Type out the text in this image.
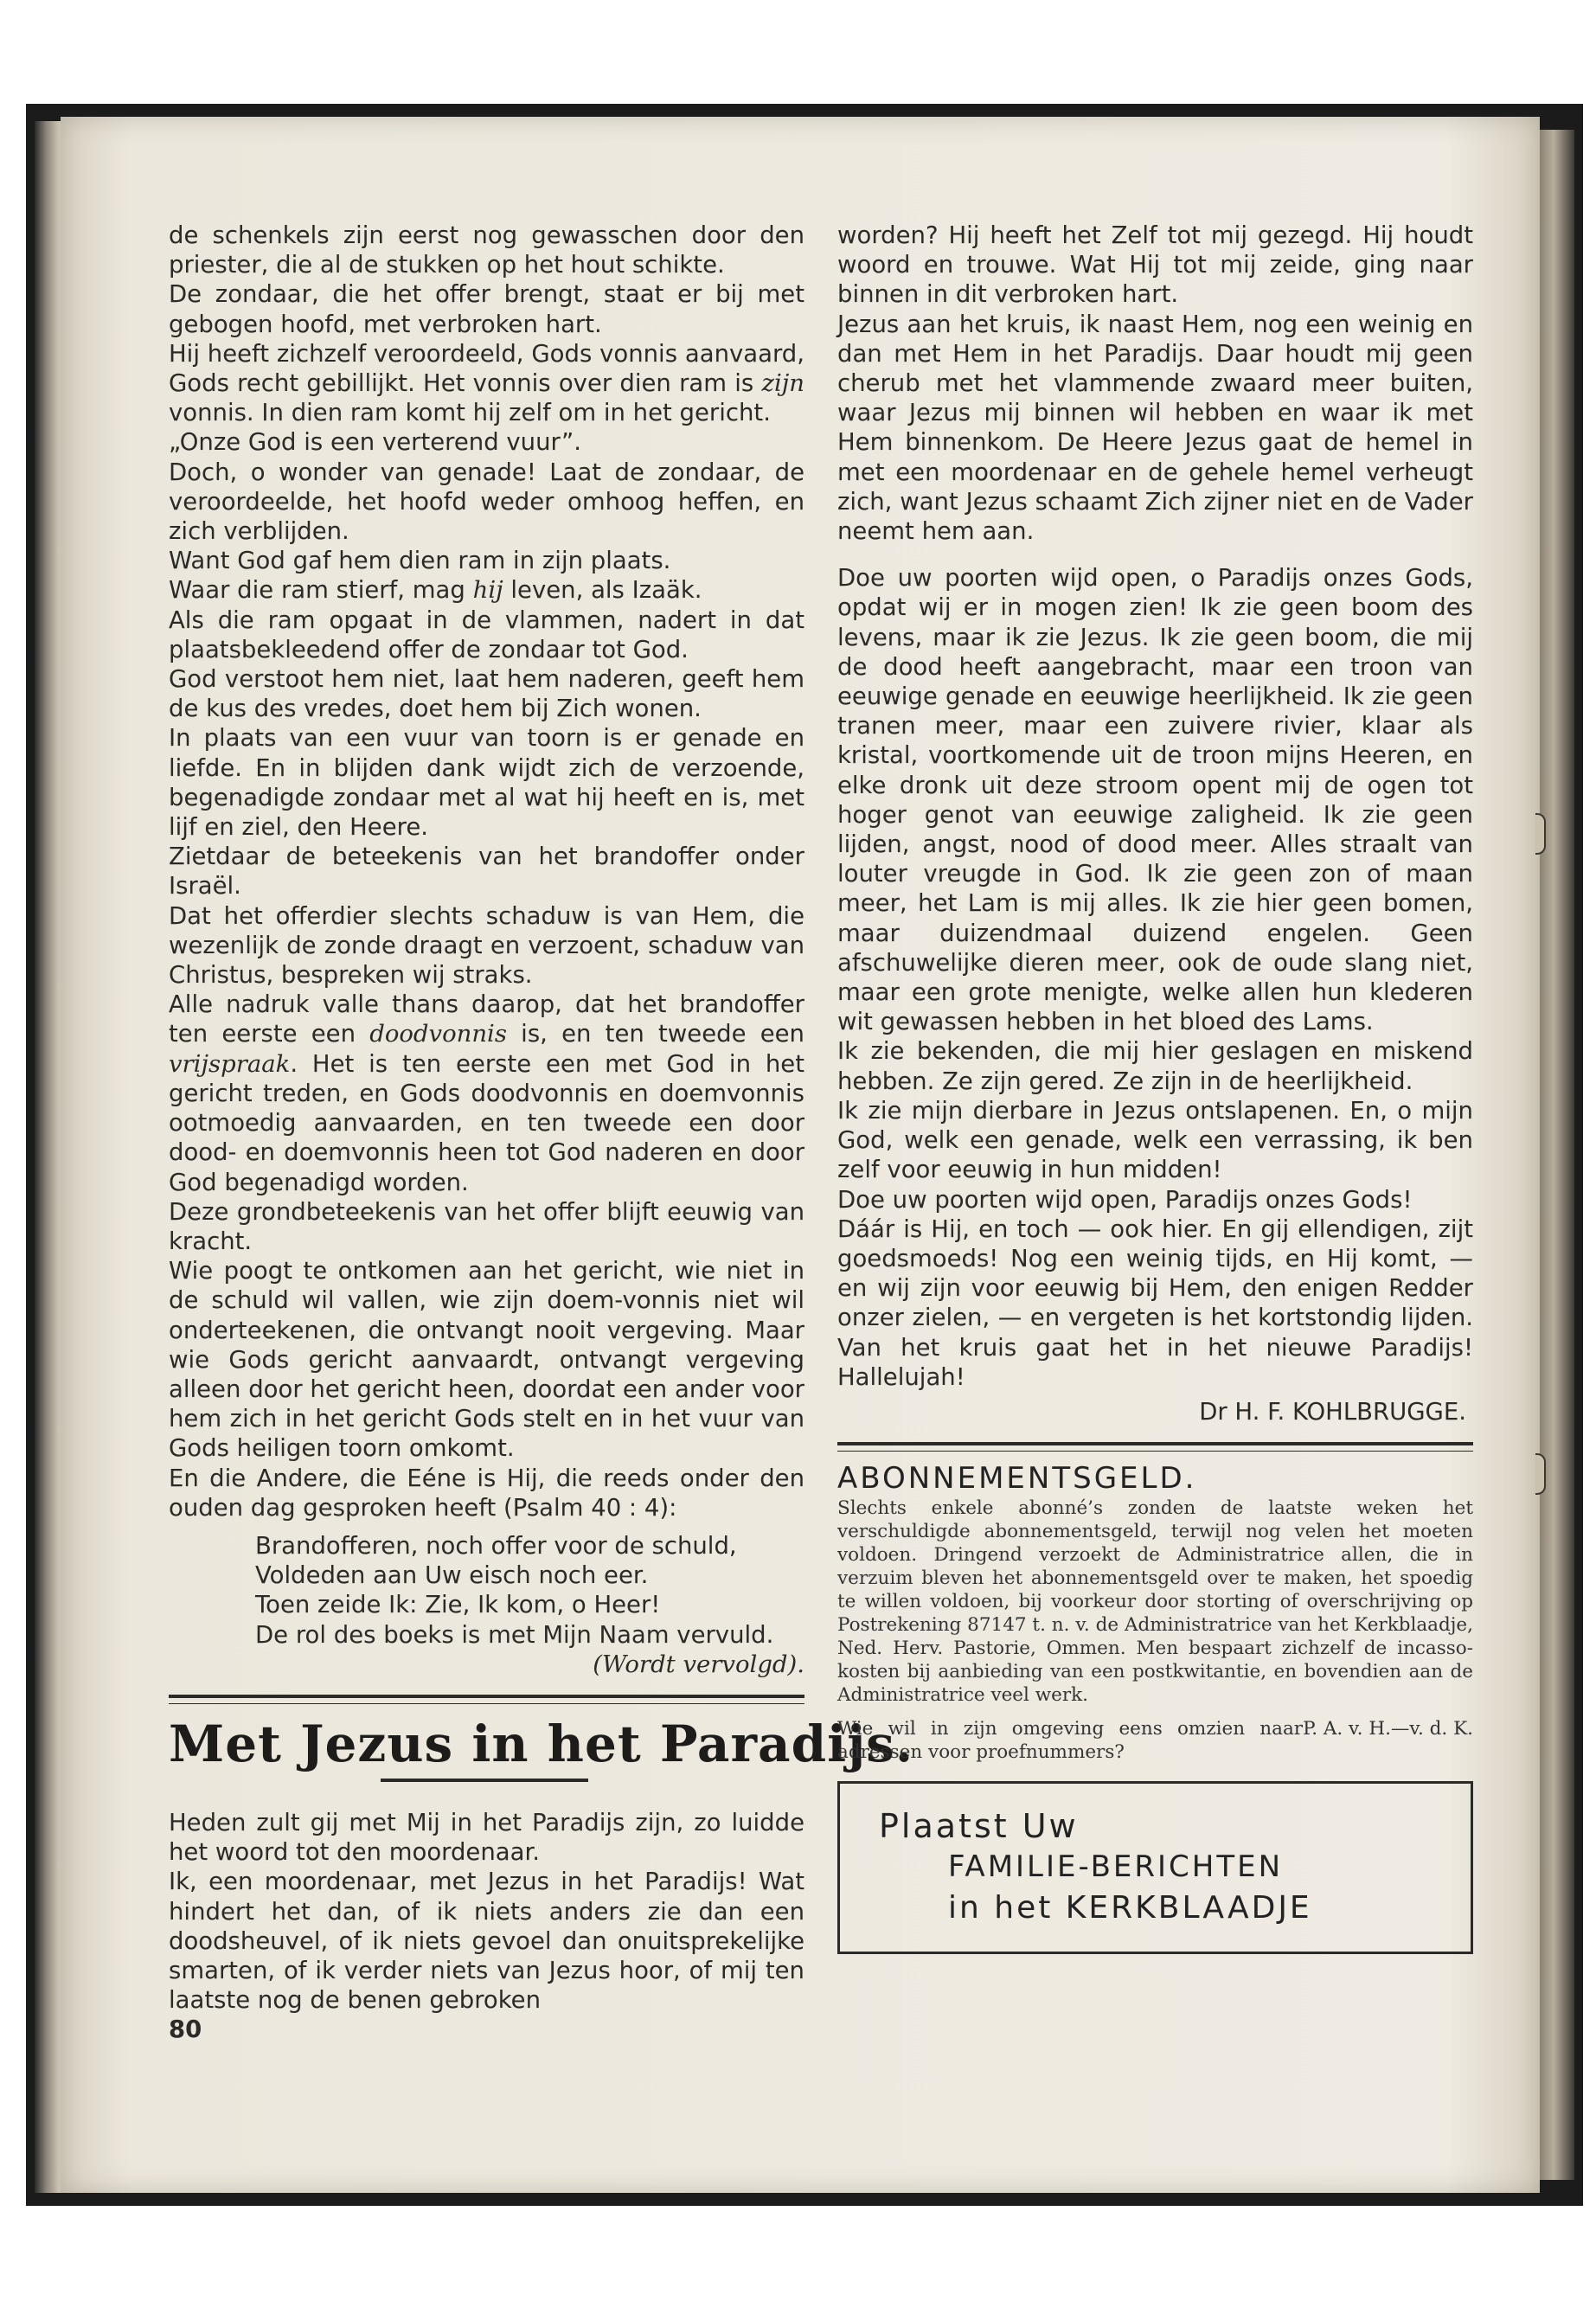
de schenkels zijn eerst nog gewasschen door den priester, die al de stukken op het hout schikte.

De zondaar, die het offer brengt, staat er bij met gebogen hoofd, met verbroken hart.

Hij heeft zichzelf veroordeeld, Gods vonnis aanvaard, Gods recht gebillijkt. Het vonnis over dien ram is zijn vonnis. In dien ram komt hij zelf om in het gericht.

„Onze God is een verterend vuur”.

Doch, o wonder van genade! Laat de zondaar, de veroordeelde, het hoofd weder omhoog heffen, en zich verblijden.

Want God gaf hem dien ram in zijn plaats.

Waar die ram stierf, mag hij leven, als Izaäk.

Als die ram opgaat in de vlammen, nadert in dat plaatsbekleedend offer de zondaar tot God.

God verstoot hem niet, laat hem naderen, geeft hem de kus des vredes, doet hem bij Zich wonen.

In plaats van een vuur van toorn is er genade en liefde. En in blijden dank wijdt zich de verzoende, begenadigde zondaar met al wat hij heeft en is, met lijf en ziel, den Heere.

Zietdaar de beteekenis van het brandoffer onder Israël.

Dat het offerdier slechts schaduw is van Hem, die wezenlijk de zonde draagt en verzoent, schaduw van Christus, bespreken wij straks.

Alle nadruk valle thans daarop, dat het brandoffer ten eerste een doodvonnis is, en ten tweede een vrijspraak. Het is ten eerste een met God in het gericht treden, en Gods doodvonnis en doemvonnis ootmoedig aanvaarden, en ten tweede een door dood- en doemvonnis heen tot God naderen en door God begenadigd worden.

Deze grondbeteekenis van het offer blijft eeuwig van kracht.

Wie poogt te ontkomen aan het gericht, wie niet in de schuld wil vallen, wie zijn doem-vonnis niet wil onderteekenen, die ontvangt nooit vergeving. Maar wie Gods gericht aanvaardt, ontvangt vergeving alleen door het gericht heen, doordat een ander voor hem zich in het gericht Gods stelt en in het vuur van Gods heiligen toorn omkomt.

En die Andere, die Eéne is Hij, die reeds onder den ouden dag gesproken heeft (Psalm 40 : 4):

Brandofferen, noch offer voor de schuld,
Voldeden aan Uw eisch noch eer.
Toen zeide Ik: Zie, Ik kom, o Heer!
De rol des boeks is met Mijn Naam vervuld.

(Wordt vervolgd).

Met Jezus in het Paradijs.

Heden zult gij met Mij in het Paradijs zijn, zo luidde het woord tot den moordenaar.

Ik, een moordenaar, met Jezus in het Paradijs! Wat hindert het dan, of ik niets anders zie dan een doodsheuvel, of ik niets gevoel dan onuitsprekelijke smarten, of ik verder niets van Jezus hoor, of mij ten laatste nog de benen gebroken

80

worden? Hij heeft het Zelf tot mij gezegd. Hij houdt woord en trouwe. Wat Hij tot mij zeide, ging naar binnen in dit verbroken hart.

Jezus aan het kruis, ik naast Hem, nog een weinig en dan met Hem in het Paradijs. Daar houdt mij geen cherub met het vlammende zwaard meer buiten, waar Jezus mij binnen wil hebben en waar ik met Hem binnenkom. De Heere Jezus gaat de hemel in met een moordenaar en de gehele hemel verheugt zich, want Jezus schaamt Zich zijner niet en de Vader neemt hem aan.

Doe uw poorten wijd open, o Paradijs onzes Gods, opdat wij er in mogen zien! Ik zie geen boom des levens, maar ik zie Jezus. Ik zie geen boom, die mij de dood heeft aangebracht, maar een troon van eeuwige genade en eeuwige heerlijkheid. Ik zie geen tranen meer, maar een zuivere rivier, klaar als kristal, voortkomende uit de troon mijns Heeren, en elke dronk uit deze stroom opent mij de ogen tot hoger genot van eeuwige zaligheid. Ik zie geen lijden, angst, nood of dood meer. Alles straalt van louter vreugde in God. Ik zie geen zon of maan meer, het Lam is mij alles. Ik zie hier geen bomen, maar duizendmaal duizend engelen. Geen afschuwelijke dieren meer, ook de oude slang niet, maar een grote menigte, welke allen hun klederen wit gewassen hebben in het bloed des Lams.

Ik zie bekenden, die mij hier geslagen en miskend hebben. Ze zijn gered. Ze zijn in de heerlijkheid.

Ik zie mijn dierbare in Jezus ontslapenen. En, o mijn God, welk een genade, welk een verrassing, ik ben zelf voor eeuwig in hun midden!

Doe uw poorten wijd open, Paradijs onzes Gods!

Dáár is Hij, en toch — ook hier. En gij ellendigen, zijt goedsmoeds! Nog een weinig tijds, en Hij komt, — en wij zijn voor eeuwig bij Hem, den enigen Redder onzer zielen, — en vergeten is het kortstondig lijden. Van het kruis gaat het in het nieuwe Paradijs! Hallelujah!

Dr H. F. KOHLBRUGGE.

ABONNEMENTSGELD.

Slechts enkele abonné’s zonden de laatste weken het verschuldigde abonnementsgeld, terwijl nog velen het moeten voldoen. Dringend verzoekt de Administratrice allen, die in verzuim bleven het abonnementsgeld over te maken, het spoedig te willen voldoen, bij voorkeur door storting of overschrijving op Postrekening 87147 t. n. v. de Administratrice van het Kerkblaadje, Ned. Herv. Pastorie, Ommen. Men bespaart zichzelf de incasso-kosten bij aanbieding van een postkwitantie, en bovendien aan de Administratrice veel werk.

Wie wil in zijn omgeving eens omzien naar adressen voor proefnummers?
P. A. v. H.—v. d. K.
Plaatst Uw
FAMILIE-BERICHTEN
in het KERKBLAADJE
